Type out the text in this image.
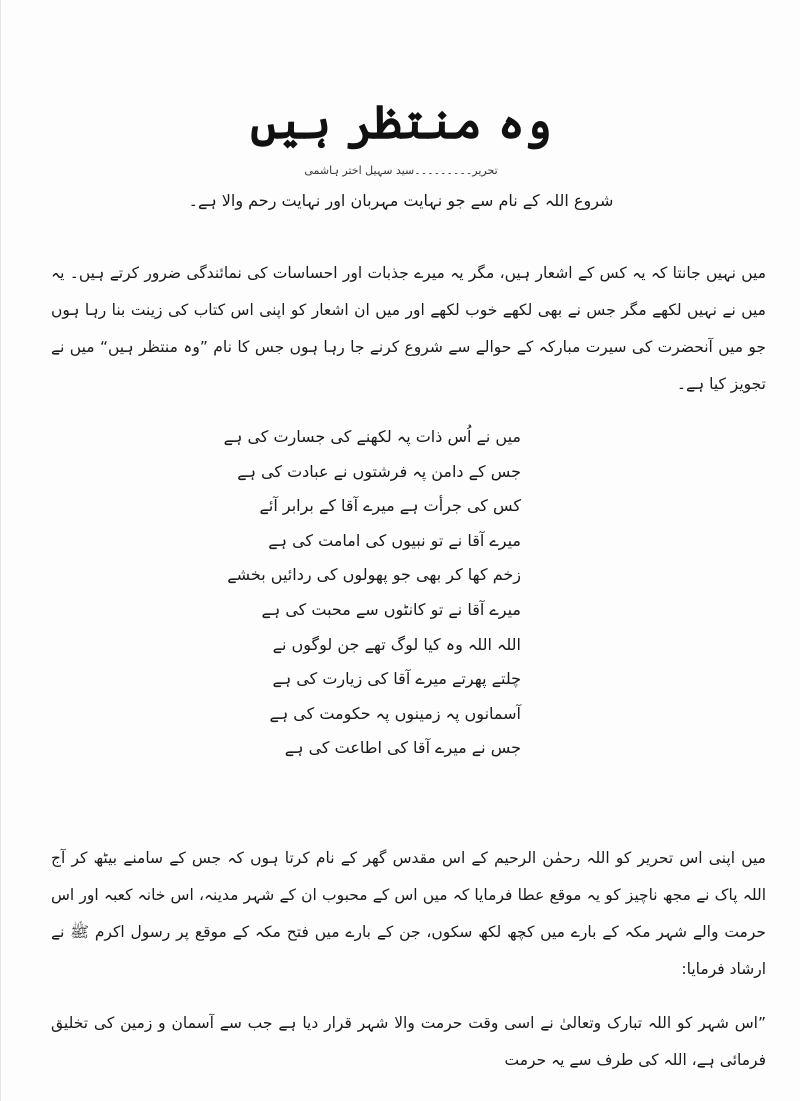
وہ منتظر ہیں
تحریر۔۔۔۔۔۔۔۔۔سید سہیل اختر ہاشمی
شروع اللہ کے نام سے جو نہایت مہربان اور نہایت رحم والا ہے۔
میں نہیں جانتا کہ یہ کس کے اشعار ہیں، مگر یہ میرے جذبات اور احساسات کی نمائندگی ضرور کرتے ہیں۔ یہ میں نے نہیں لکھے مگر جس نے بھی لکھے خوب لکھے اور میں ان اشعار کو اپنی اس کتاب کی زینت بنا رہا ہوں جو میں آنحضرت کی سیرت مبارکہ کے حوالے سے شروع کرنے جا رہا ہوں جس کا نام ”وہ منتظر ہیں“ میں نے تجویز کیا ہے۔
میں نے اُس ذات پہ لکھنے کی جسارت کی ہے
جس کے دامن پہ فرشتوں نے عبادت کی ہے
کس کی جرأت ہے میرے آقا کے برابر آئے
میرے آقا نے تو نبیوں کی امامت کی ہے
زخم کھا کر بھی جو پھولوں کی ردائیں بخشے
میرے آقا نے تو کانٹوں سے محبت کی ہے
اللہ اللہ وہ کیا لوگ تھے جن لوگوں نے
چلتے پھرتے میرے آقا کی زیارت کی ہے
آسمانوں پہ زمینوں پہ حکومت کی ہے
جس نے میرے آقا کی اطاعت کی ہے
میں اپنی اس تحریر کو اللہ رحمٰن الرحیم کے اس مقدس گھر کے نام کرتا ہوں کہ جس کے سامنے بیٹھ کر آج اللہ پاک نے مجھ ناچیز کو یہ موقع عطا فرمایا کہ میں اس کے محبوب ان کے شہر مدینہ، اس خانہ کعبہ اور اس حرمت والے شہر مکہ کے بارے میں کچھ لکھ سکوں، جن کے بارے میں فتح مکہ کے موقع پر رسول اکرم ﷺ نے ارشاد فرمایا:
”اس شہر کو اللہ تبارک وتعالیٰ نے اسی وقت حرمت والا شہر قرار دیا ہے جب سے آسمان و زمین کی تخلیق فرمائی ہے، اللہ کی طرف سے یہ حرمت
